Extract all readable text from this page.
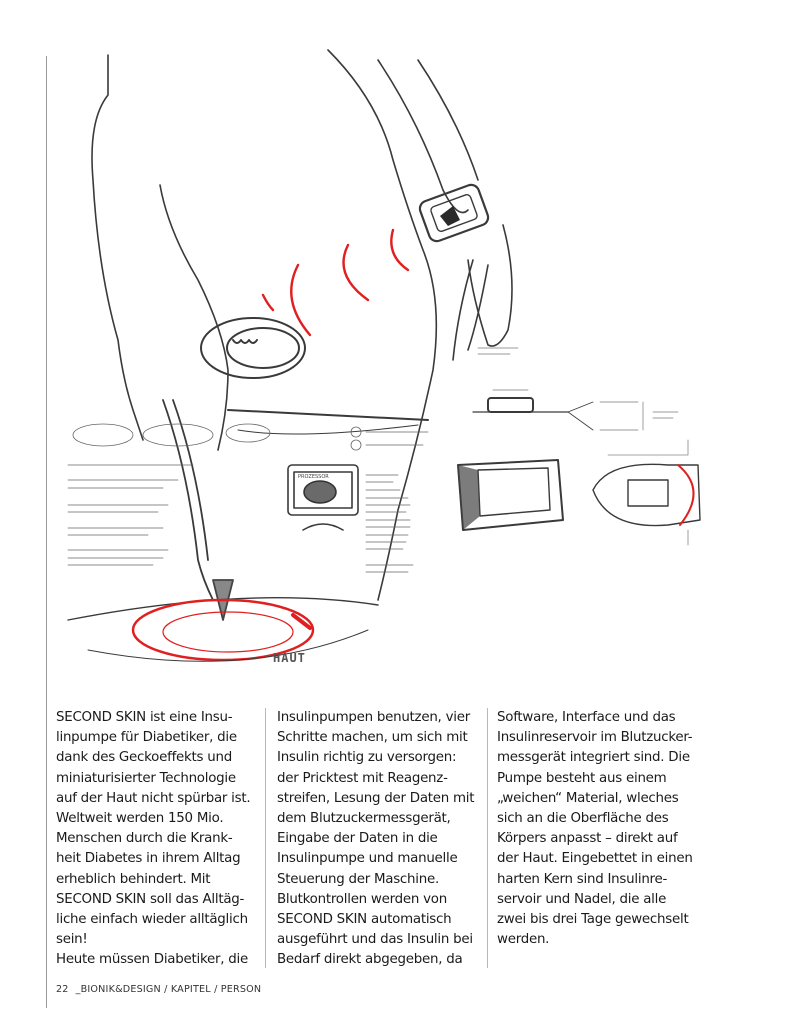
HAUT
PROZESSOR
SECOND SKIN ist eine Insu-
linpumpe für Diabetiker, die
dank des Geckoeffekts und
miniaturisierter Technologie
auf der Haut nicht spürbar ist.
Weltweit werden 150 Mio.
Menschen durch die Krank-
heit Diabetes in ihrem Alltag
erheblich behindert. Mit
SECOND SKIN soll das Alltäg-
liche einfach wieder alltäglich
sein!
Heute müssen Diabetiker, die
Insulinpumpen benutzen, vier
Schritte machen, um sich mit
Insulin richtig zu versorgen:
der Pricktest mit Reagenz-
streifen, Lesung der Daten mit
dem Blutzuckermessgerät,
Eingabe der Daten in die
Insulinpumpe und manuelle
Steuerung der Maschine.
Blutkontrollen werden von
SECOND SKIN automatisch
ausgeführt und das Insulin bei
Bedarf direkt abgegeben, da
Software, Interface und das
Insulinreservoir im Blutzucker-
messgerät integriert sind. Die
Pumpe besteht aus einem
„weichen“ Material, wleches
sich an die Oberfläche des
Körpers anpasst – direkt auf
der Haut. Eingebettet in einen
harten Kern sind Insulinre-
servoir und Nadel, die alle
zwei bis drei Tage gewechselt
werden.
22 _BIONIK&DESIGN / KAPITEL / PERSON
